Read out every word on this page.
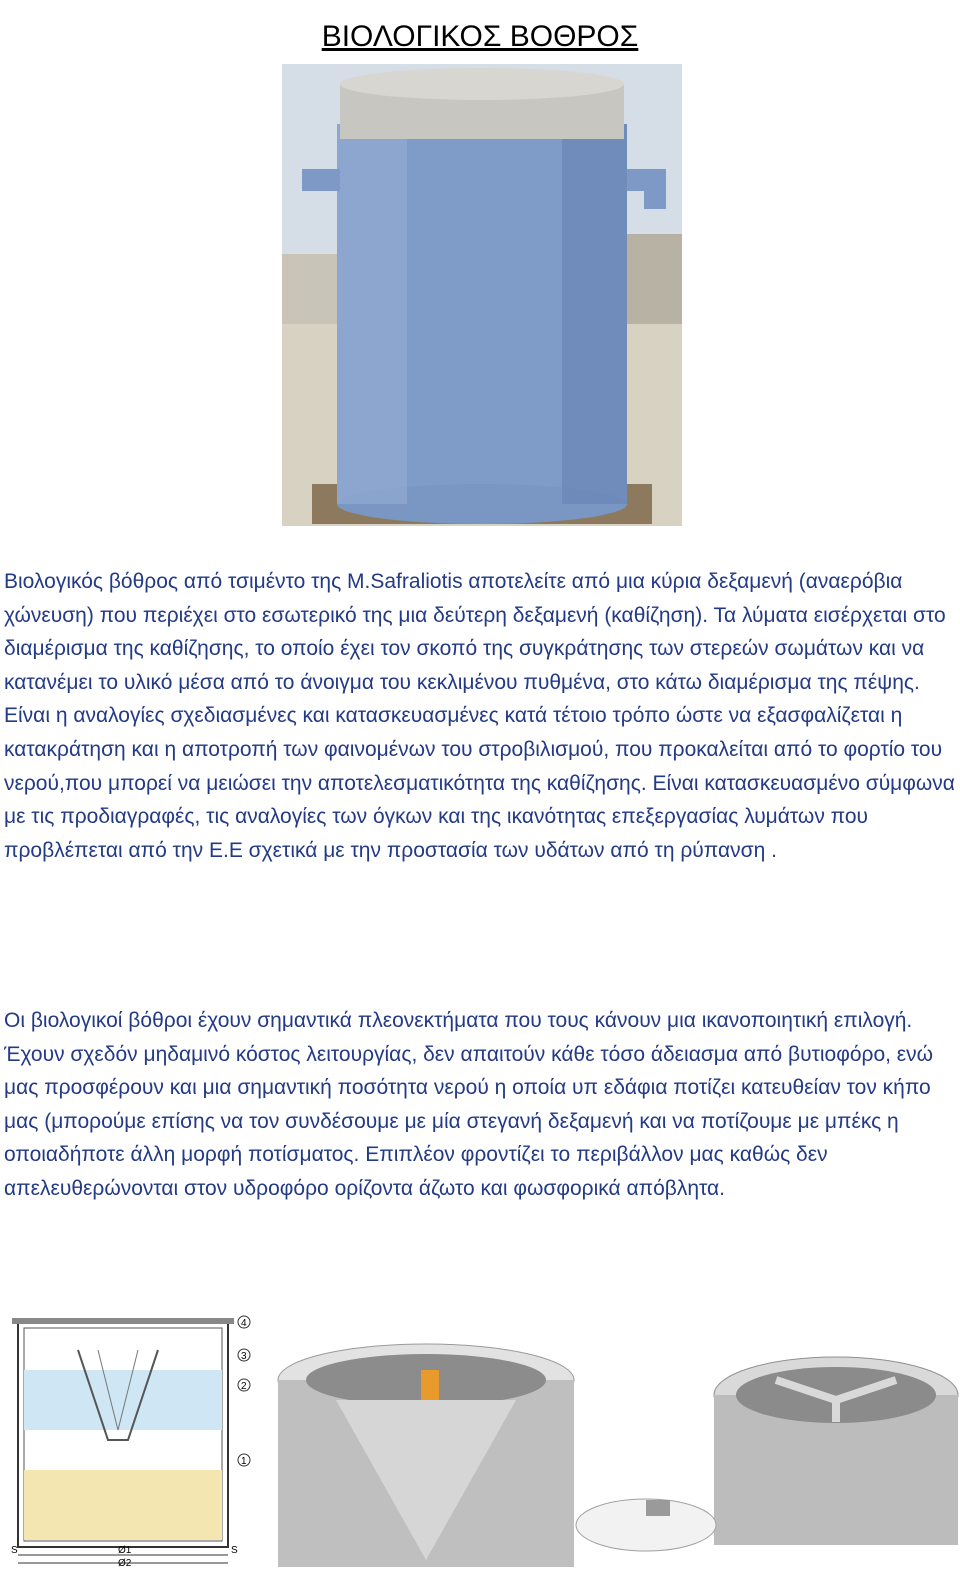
ΒΙΟΛΟΓΙΚΟΣ ΒΟΘΡΟΣ

Βιολογικός βόθρος από τσιμέντο της M.Safraliotis αποτελείτε από μια κύρια δεξαμενή (αναερόβια χώνευση) που περιέχει στο εσωτερικό της μια δεύτερη δεξαμενή (καθίζηση). Τα λύματα εισέρχεται στο διαμέρισμα της καθίζησης, το οποίο έχει τον σκοπό της συγκράτησης των στερεών σωμάτων και να κατανέμει το υλικό μέσα από το άνοιγμα του κεκλιμένου πυθμένα, στο κάτω διαμέρισμα της πέψης. Είναι η αναλογίες σχεδιασμένες και κατασκευασμένες κατά τέτοιο τρόπο ώστε να εξασφαλίζεται η κατακράτηση και η αποτροπή των φαινομένων του στροβιλισμού, που προκαλείται από το φορτίο του νερού,που μπορεί να μειώσει την αποτελεσματικότητα της καθίζησης. Είναι κατασκευασμένο σύμφωνα με τις προδιαγραφές, τις αναλογίες των όγκων και της ικανότητας επεξεργασίας λυμάτων που προβλέπεται από την Ε.Ε σχετικά με την προστασία των υδάτων από τη ρύπανση .

Οι βιολογικοί βόθροι έχουν σημαντικά πλεονεκτήματα που τους κάνουν μια ικανοποιητική επιλογή. Έχουν σχεδόν μηδαμινό κόστος λειτουργίας, δεν απαιτούν κάθε τόσο άδειασμα από βυτιοφόρο, ενώ μας προσφέρουν και μια σημαντική ποσότητα νερού η οποία υπ εδάφια ποτίζει κατευθείαν τον κήπο μας (μπορούμε επίσης να τον συνδέσουμε με μία στεγανή δεξαμενή και να ποτίζουμε με μπέκς η οποιαδήποτε άλλη μορφή ποτίσματος. Επιπλέον φροντίζει το περιβάλλον μας καθώς δεν απελευθερώνονται στον υδροφόρο ορίζοντα άζωτο και φωσφορικά απόβλητα.

Ø1
Ø2
S	S
4
3
2
1
